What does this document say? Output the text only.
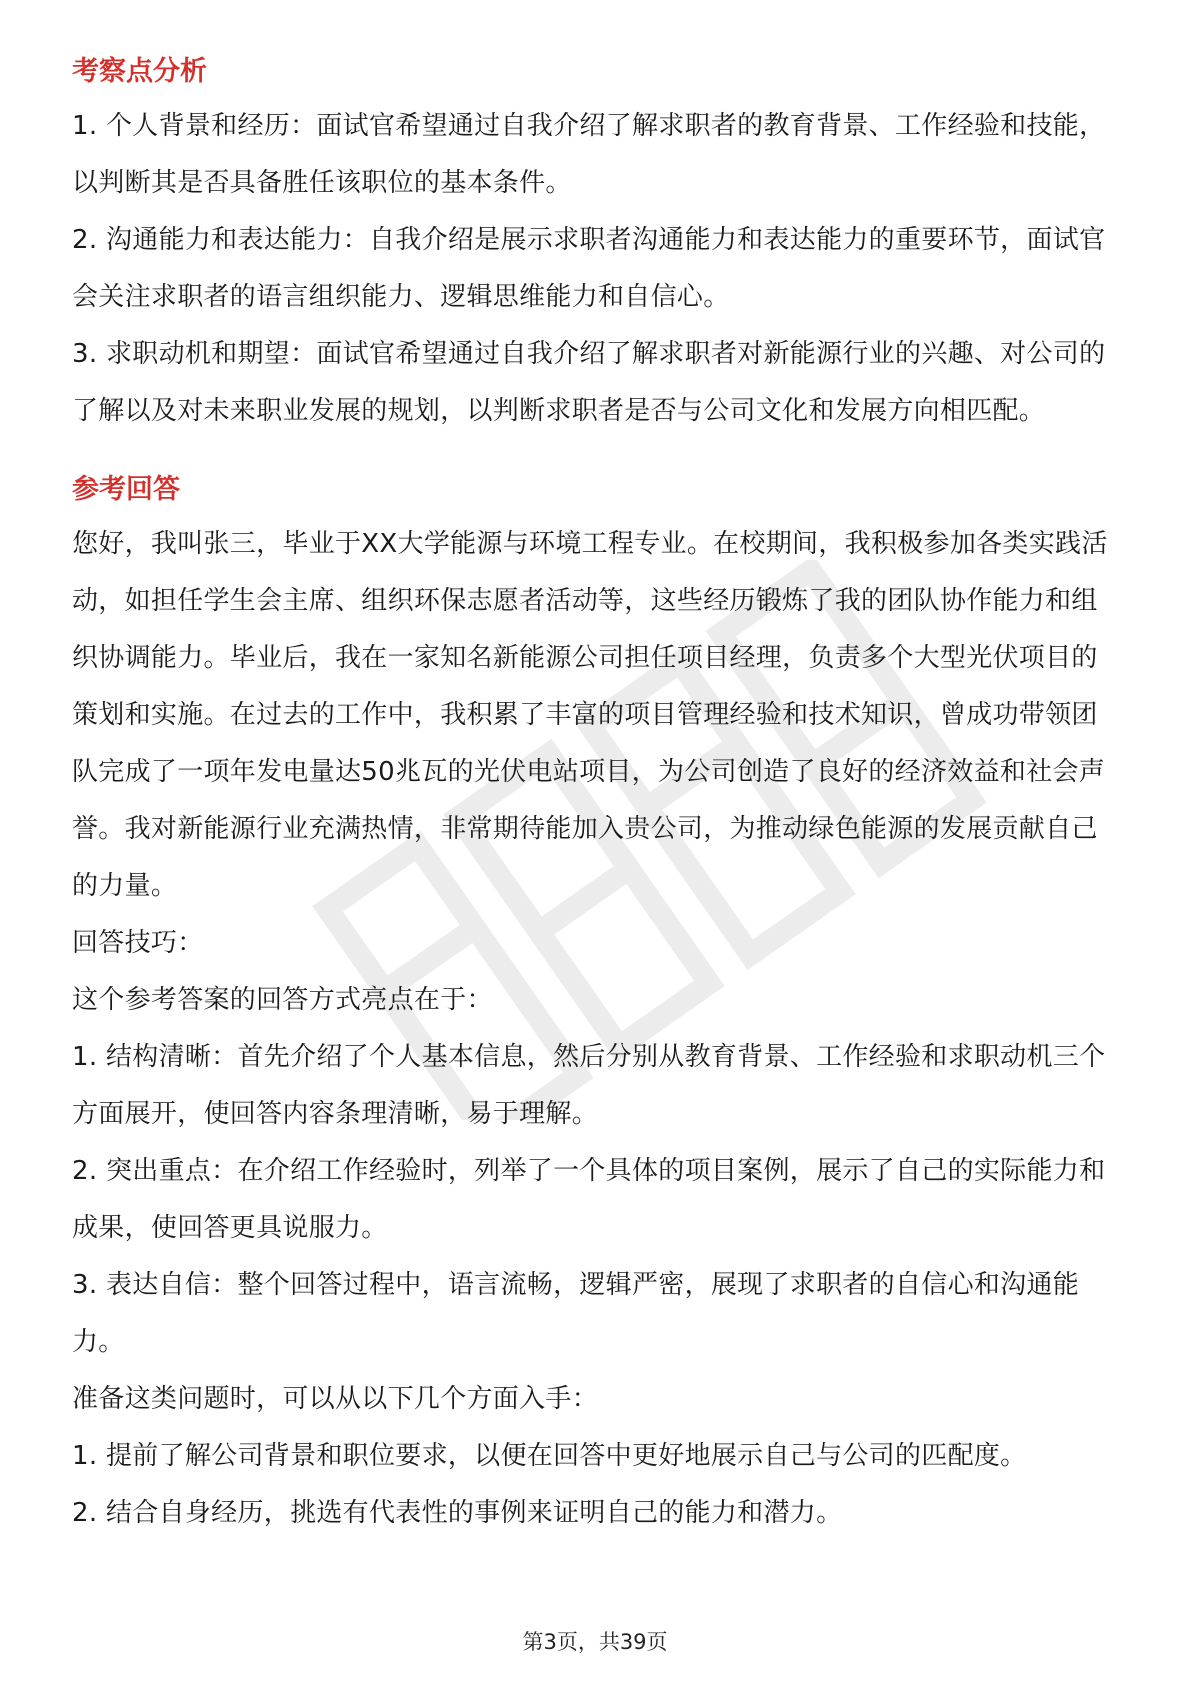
考察点分析

1. 个人背景和经历：面试官希望通过自我介绍了解求职者的教育背景、工作经验和技能，以判断其是否具备胜任该职位的基本条件。

2. 沟通能力和表达能力：自我介绍是展示求职者沟通能力和表达能力的重要环节，面试官会关注求职者的语言组织能力、逻辑思维能力和自信心。

3. 求职动机和期望：面试官希望通过自我介绍了解求职者对新能源行业的兴趣、对公司的了解以及对未来职业发展的规划，以判断求职者是否与公司文化和发展方向相匹配。

参考回答

您好，我叫张三，毕业于XX大学能源与环境工程专业。在校期间，我积极参加各类实践活动，如担任学生会主席、组织环保志愿者活动等，这些经历锻炼了我的团队协作能力和组织协调能力。毕业后，我在一家知名新能源公司担任项目经理，负责多个大型光伏项目的策划和实施。在过去的工作中，我积累了丰富的项目管理经验和技术知识，曾成功带领团队完成了一项年发电量达50兆瓦的光伏电站项目，为公司创造了良好的经济效益和社会声誉。我对新能源行业充满热情，非常期待能加入贵公司，为推动绿色能源的发展贡献自己的力量。

回答技巧：

这个参考答案的回答方式亮点在于：

1. 结构清晰：首先介绍了个人基本信息，然后分别从教育背景、工作经验和求职动机三个方面展开，使回答内容条理清晰，易于理解。

2. 突出重点：在介绍工作经验时，列举了一个具体的项目案例，展示了自己的实际能力和成果，使回答更具说服力。

3. 表达自信：整个回答过程中，语言流畅，逻辑严密，展现了求职者的自信心和沟通能力。

准备这类问题时，可以从以下几个方面入手：

1. 提前了解公司背景和职位要求，以便在回答中更好地展示自己与公司的匹配度。

2. 结合自身经历，挑选有代表性的事例来证明自己的能力和潜力。

第3页，共39页
